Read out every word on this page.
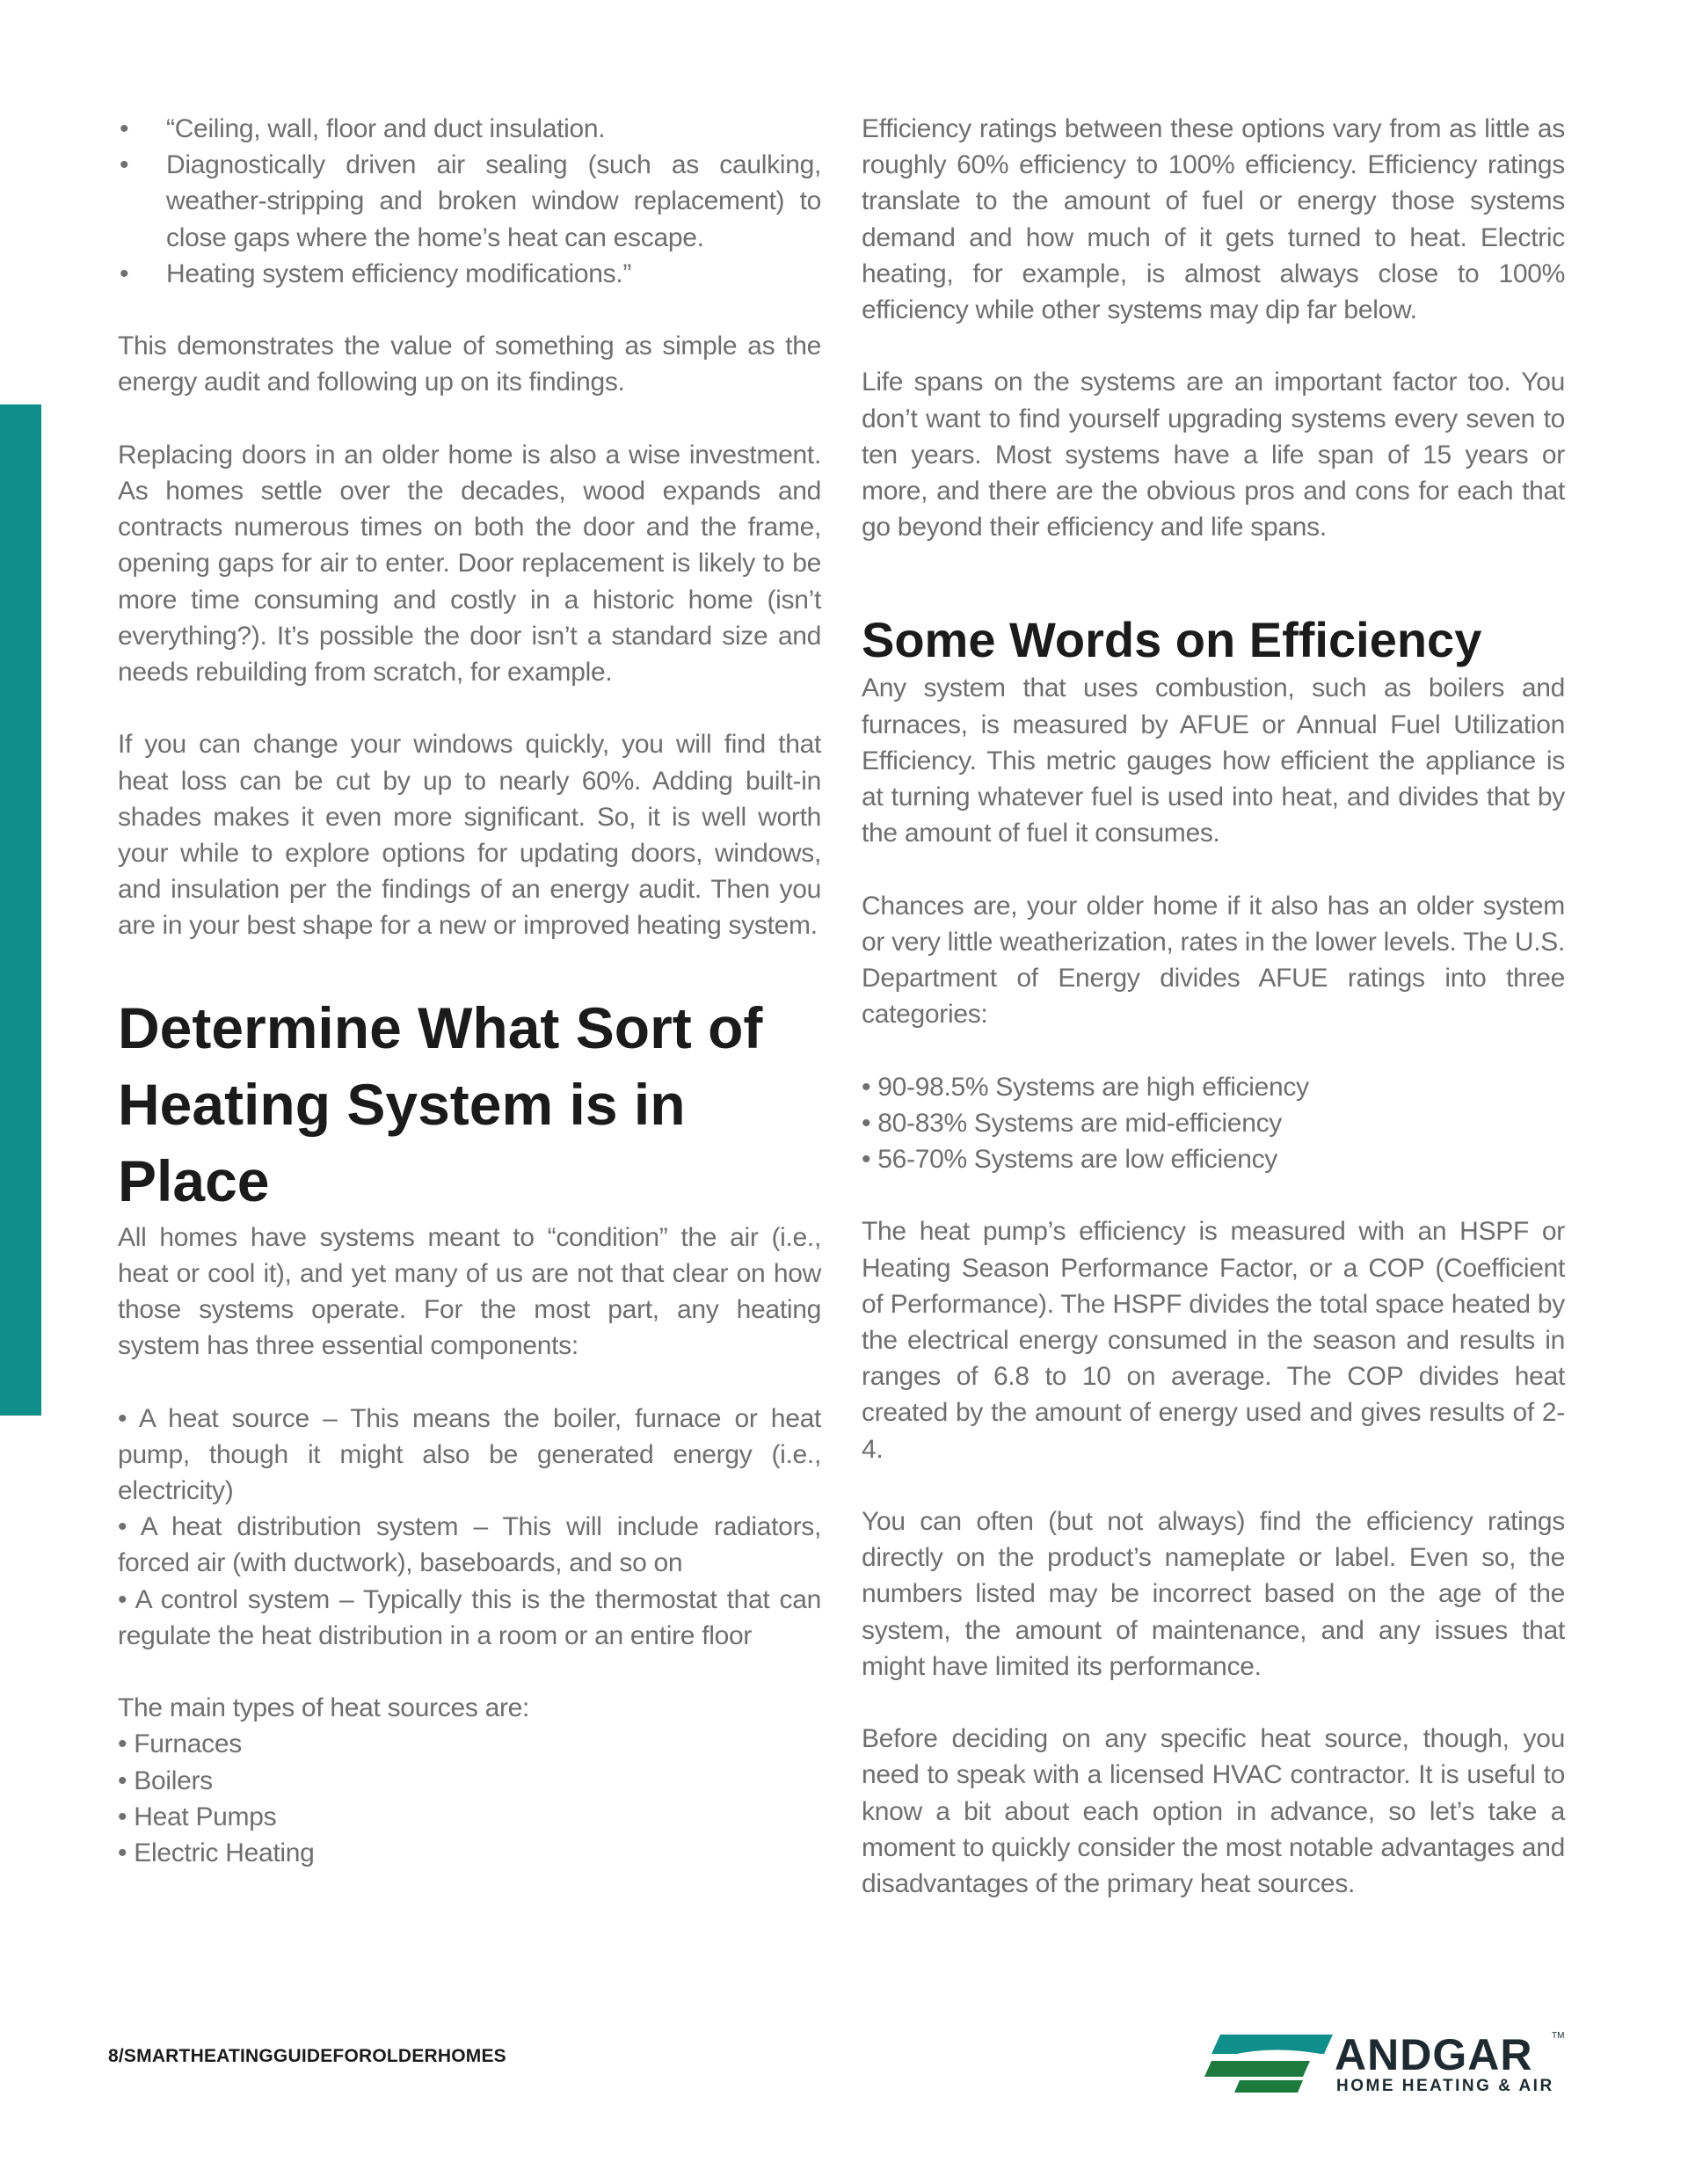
• “Ceiling, wall, floor and duct insulation.
• Diagnostically driven air sealing (such as caulking, weather-stripping and broken window replacement) to close gaps where the home’s heat can escape.
• Heating system efficiency modifications.”

This demonstrates the value of something as simple as the energy audit and following up on its findings.

Replacing doors in an older home is also a wise investment. As homes settle over the decades, wood expands and contracts numerous times on both the door and the frame, opening gaps for air to enter. Door replacement is likely to be more time consuming and costly in a historic home (isn’t everything?). It’s possible the door isn’t a standard size and needs rebuilding from scratch, for example.

If you can change your windows quickly, you will find that heat loss can be cut by up to nearly 60%. Adding built-in shades makes it even more significant. So, it is well worth your while to explore options for updating doors, windows, and insulation per the findings of an energy audit. Then you are in your best shape for a new or improved heating system.

Determine What Sort of Heating System is in Place

All homes have systems meant to “condition” the air (i.e., heat or cool it), and yet many of us are not that clear on how those systems operate. For the most part, any heating system has three essential components:

• A heat source – This means the boiler, furnace or heat pump, though it might also be generated energy (i.e., electricity)
• A heat distribution system – This will include radiators, forced air (with ductwork), baseboards, and so on
• A control system – Typically this is the thermostat that can regulate the heat distribution in a room or an entire floor

The main types of heat sources are:

• Furnaces
• Boilers
• Heat Pumps
• Electric Heating

Efficiency ratings between these options vary from as little as roughly 60% efficiency to 100% efficiency. Efficiency ratings translate to the amount of fuel or energy those systems demand and how much of it gets turned to heat. Electric heating, for example, is almost always close to 100% efficiency while other systems may dip far below.

Life spans on the systems are an important factor too. You don’t want to find yourself upgrading systems every seven to ten years. Most systems have a life span of 15 years or more, and there are the obvious pros and cons for each that go beyond their efficiency and life spans.

Some Words on Efficiency

Any system that uses combustion, such as boilers and furnaces, is measured by AFUE or Annual Fuel Utilization Efficiency. This metric gauges how efficient the appliance is at turning whatever fuel is used into heat, and divides that by the amount of fuel it consumes.

Chances are, your older home if it also has an older system or very little weatherization, rates in the lower levels. The U.S. Department of Energy divides AFUE ratings into three categories:

• 90-98.5% Systems are high efficiency
• 80-83% Systems are mid-efficiency
• 56-70% Systems are low efficiency

The heat pump’s efficiency is measured with an HSPF or Heating Season Performance Factor, or a COP (Coefficient of Performance). The HSPF divides the total space heated by the electrical energy consumed in the season and results in ranges of 6.8 to 10 on average. The COP divides heat created by the amount of energy used and gives results of 2-4.

You can often (but not always) find the efficiency ratings directly on the product’s nameplate or label. Even so, the numbers listed may be incorrect based on the age of the system, the amount of maintenance, and any issues that might have limited its performance.

Before deciding on any specific heat source, though, you need to speak with a licensed HVAC contractor. It is useful to know a bit about each option in advance, so let’s take a moment to quickly consider the most notable advantages and disadvantages of the primary heat sources.

8/SMARTHEATINGGUIDEFOROLDERHOMES	ANDGAR TM
HOME HEATING & AIR
